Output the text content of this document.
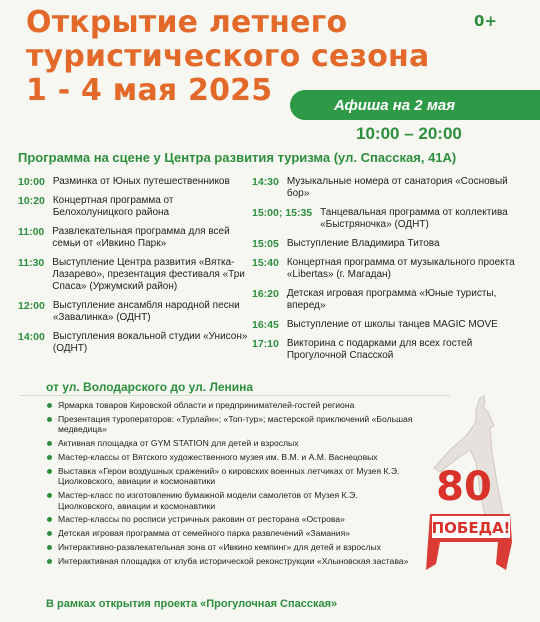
Открытие летнего
туристического сезона
1 - 4 мая 2025
0+
Афиша на 2 мая
10:00 – 20:00
Программа на сцене у Центра развития туризма (ул. Спасская, 41А)
10:00 Разминка от Юных путешественников
10:20 Концертная программа от Белохолуницкого района
11:00 Развлекательная программа для всей семьи от «Ивкино Парк»
11:30 Выступление Центра развития «Вятка-Лазарево», презентация фестиваля «Три Спаса» (Уржумский район)
12:00 Выступление ансамбля народной песни «Завалинка» (ОДНТ)
14:00 Выступления вокальной студии «Унисон» (ОДНТ)
14:30 Музыкальные номера от санатория «Сосновый бор»
15:00; 15:35 Танцевальная программа от коллектива «Быстряночка» (ОДНТ)
15:05 Выступление Владимира Титова
15:40 Концертная программа от музыкального проекта «Libertas» (г. Магадан)
16:20 Детская игровая программа «Юные туристы, вперед»
16:45 Выступление от школы танцев MAGIC MOVE
17:10 Викторина с подарками для всех гостей Прогулочной Спасской
от ул. Володарского до ул. Ленина
Ярмарка товаров Кировской области и предпринимателей-гостей региона
Презентация туроператоров: «Турлайн»; «Топ-тур»; мастерской приключений «Большая медведица»
Активная площадка от GYM STATION для детей и взрослых
Мастер-классы от Вятского художественного музея им. В.М. и А.М. Васнецовых
Выставка «Герои воздушных сражений» о кировских военных летчиках от Музея К.Э. Циолковского, авиации и космонавтики
Мастер-класс по изготовлению бумажной модели самолетов от Музея К.Э. Циолковского, авиации и космонавтики
Мастер-классы по росписи устричных раковин от ресторана «Острова»
Детская игровая программа от семейного парка развлечений «Замания»
Интерактивно-развлекательная зона от «Ивкино кемпинг» для детей и взрослых
Интерактивная площадка от клуба исторической реконструкции «Хлыновская застава»
В рамках открытия проекта «Прогулочная Спасская»
80
ПОБЕДА!
